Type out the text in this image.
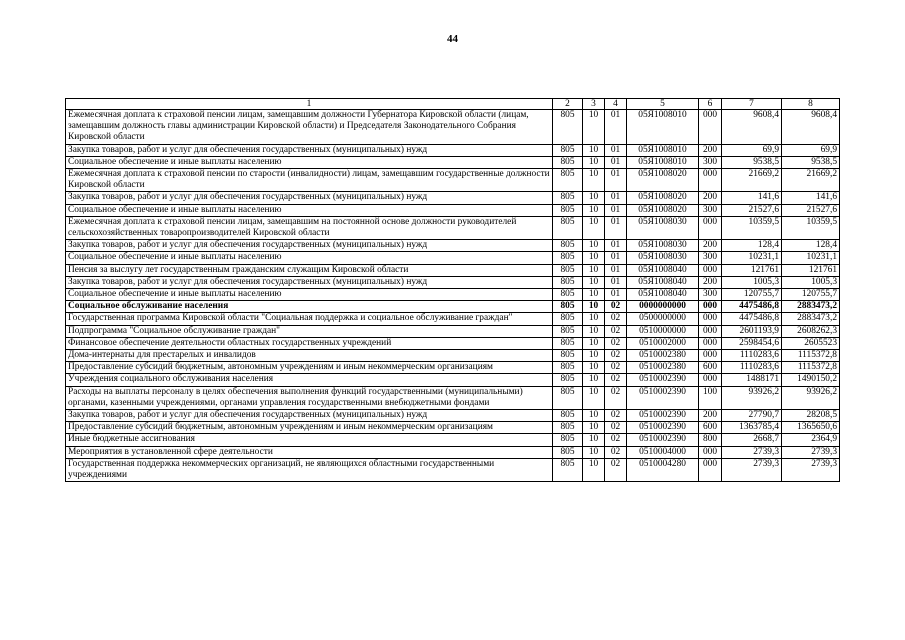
44
1	2	3	4	5	6	7	8
Ежемесячная доплата к страховой пенсии лицам, замещавшим должности Губернатора Кировской области (лицам, замещавшим должность главы администрации Кировской области) и Председателя Законодательного Собрания Кировской области	805	10	01	05Я1008010	000	9608,4	9608,4
Закупка товаров, работ и услуг для обеспечения государственных (муниципальных) нужд	805	10	01	05Я1008010	200	69,9	69,9
Социальное обеспечение и иные выплаты населению	805	10	01	05Я1008010	300	9538,5	9538,5
Ежемесячная доплата к страховой пенсии по старости (инвалидности) лицам, замещавшим государственные должности Кировской области	805	10	01	05Я1008020	000	21669,2	21669,2
Закупка товаров, работ и услуг для обеспечения государственных (муниципальных) нужд	805	10	01	05Я1008020	200	141,6	141,6
Социальное обеспечение и иные выплаты населению	805	10	01	05Я1008020	300	21527,6	21527,6
Ежемесячная доплата к страховой пенсии лицам, замещавшим на постоянной основе должности руководителей сельскохозяйственных товаропроизводителей Кировской области	805	10	01	05Я1008030	000	10359,5	10359,5
Закупка товаров, работ и услуг для обеспечения государственных (муниципальных) нужд	805	10	01	05Я1008030	200	128,4	128,4
Социальное обеспечение и иные выплаты населению	805	10	01	05Я1008030	300	10231,1	10231,1
Пенсия за выслугу лет государственным гражданским служащим Кировской области	805	10	01	05Я1008040	000	121761	121761
Закупка товаров, работ и услуг для обеспечения государственных (муниципальных) нужд	805	10	01	05Я1008040	200	1005,3	1005,3
Социальное обеспечение и иные выплаты населению	805	10	01	05Я1008040	300	120755,7	120755,7
Социальное обслуживание населения	805	10	02	0000000000	000	4475486,8	2883473,2
Государственная программа Кировской области "Социальная поддержка и социальное обслуживание граждан"	805	10	02	0500000000	000	4475486,8	2883473,2
Подпрограмма "Социальное обслуживание граждан"	805	10	02	0510000000	000	2601193,9	2608262,3
Финансовое обеспечение деятельности областных государственных учреждений	805	10	02	0510002000	000	2598454,6	2605523
Дома-интернаты для престарелых и инвалидов	805	10	02	0510002380	000	1110283,6	1115372,8
Предоставление субсидий бюджетным, автономным учреждениям и иным некоммерческим организациям	805	10	02	0510002380	600	1110283,6	1115372,8
Учреждения социального обслуживания населения	805	10	02	0510002390	000	1488171	1490150,2
Расходы на выплаты персоналу в целях обеспечения выполнения функций государственными (муниципальными) органами, казенными учреждениями, органами управления государственными внебюджетными фондами	805	10	02	0510002390	100	93926,2	93926,2
Закупка товаров, работ и услуг для обеспечения государственных (муниципальных) нужд	805	10	02	0510002390	200	27790,7	28208,5
Предоставление субсидий бюджетным, автономным учреждениям и иным некоммерческим организациям	805	10	02	0510002390	600	1363785,4	1365650,6
Иные бюджетные ассигнования	805	10	02	0510002390	800	2668,7	2364,9
Мероприятия в установленной сфере деятельности	805	10	02	0510004000	000	2739,3	2739,3
Государственная поддержка некоммерческих организаций, не являющихся областными государственными учреждениями	805	10	02	0510004280	000	2739,3	2739,3
